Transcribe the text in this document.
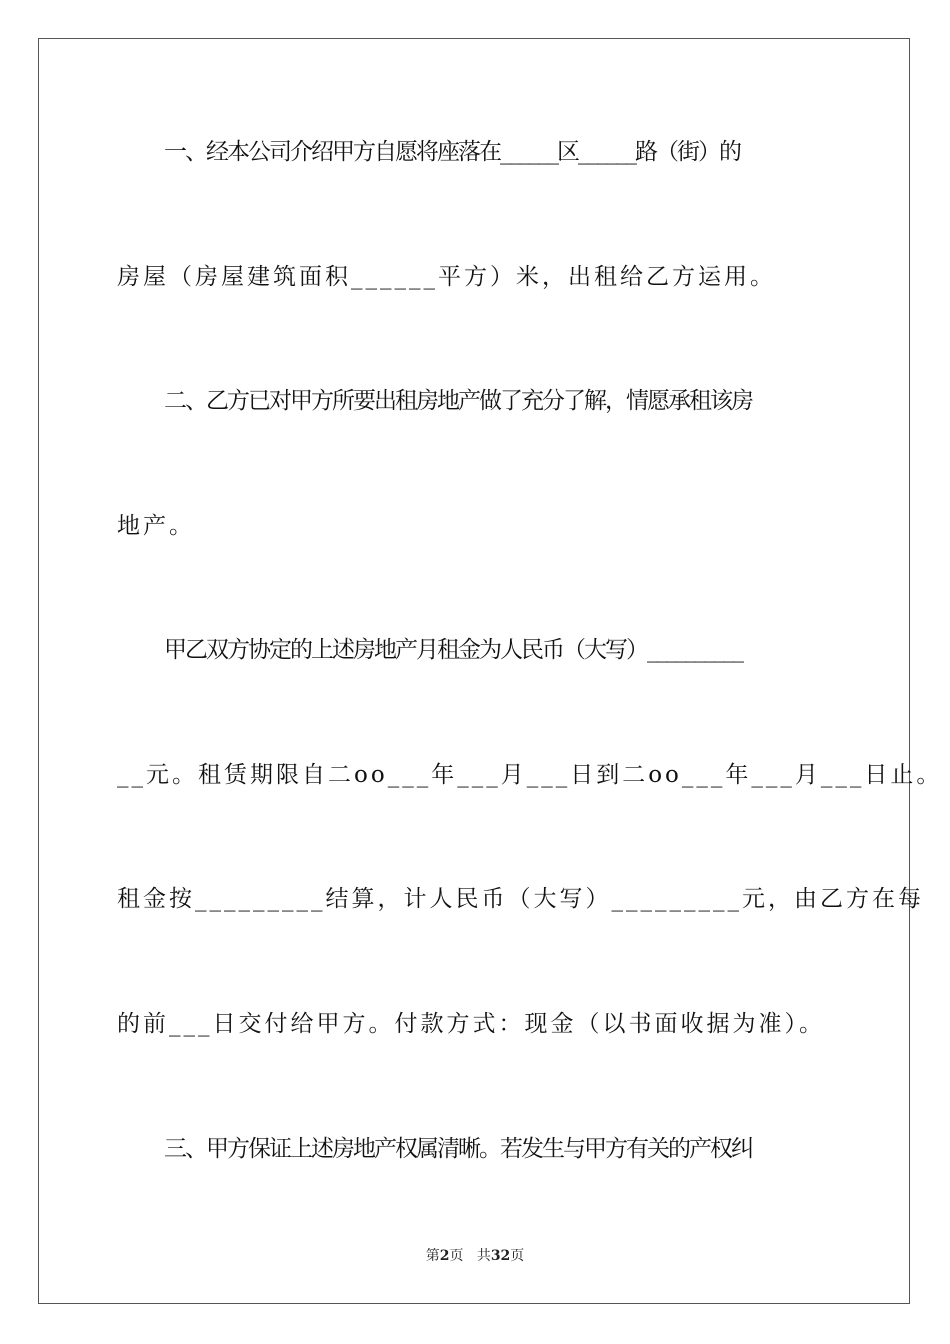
一、经本公司介绍甲方自愿将座落在______区______路（街）的
房屋（房屋建筑面积______平方）米，出租给乙方运用。
二、乙方已对甲方所要出租房地产做了充分了解，情愿承租该房
地产。
甲乙双方协定的上述房地产月租金为人民币（大写）__________
__元。租赁期限自二oo___年___月___日到二oo___年___月___日止。
租金按_________结算，计人民币（大写）_________元，由乙方在每
的前___日交付给甲方。付款方式：现金（以书面收据为准）。
三、甲方保证上述房地产权属清晰。若发生与甲方有关的产权纠
第2页 共32页
